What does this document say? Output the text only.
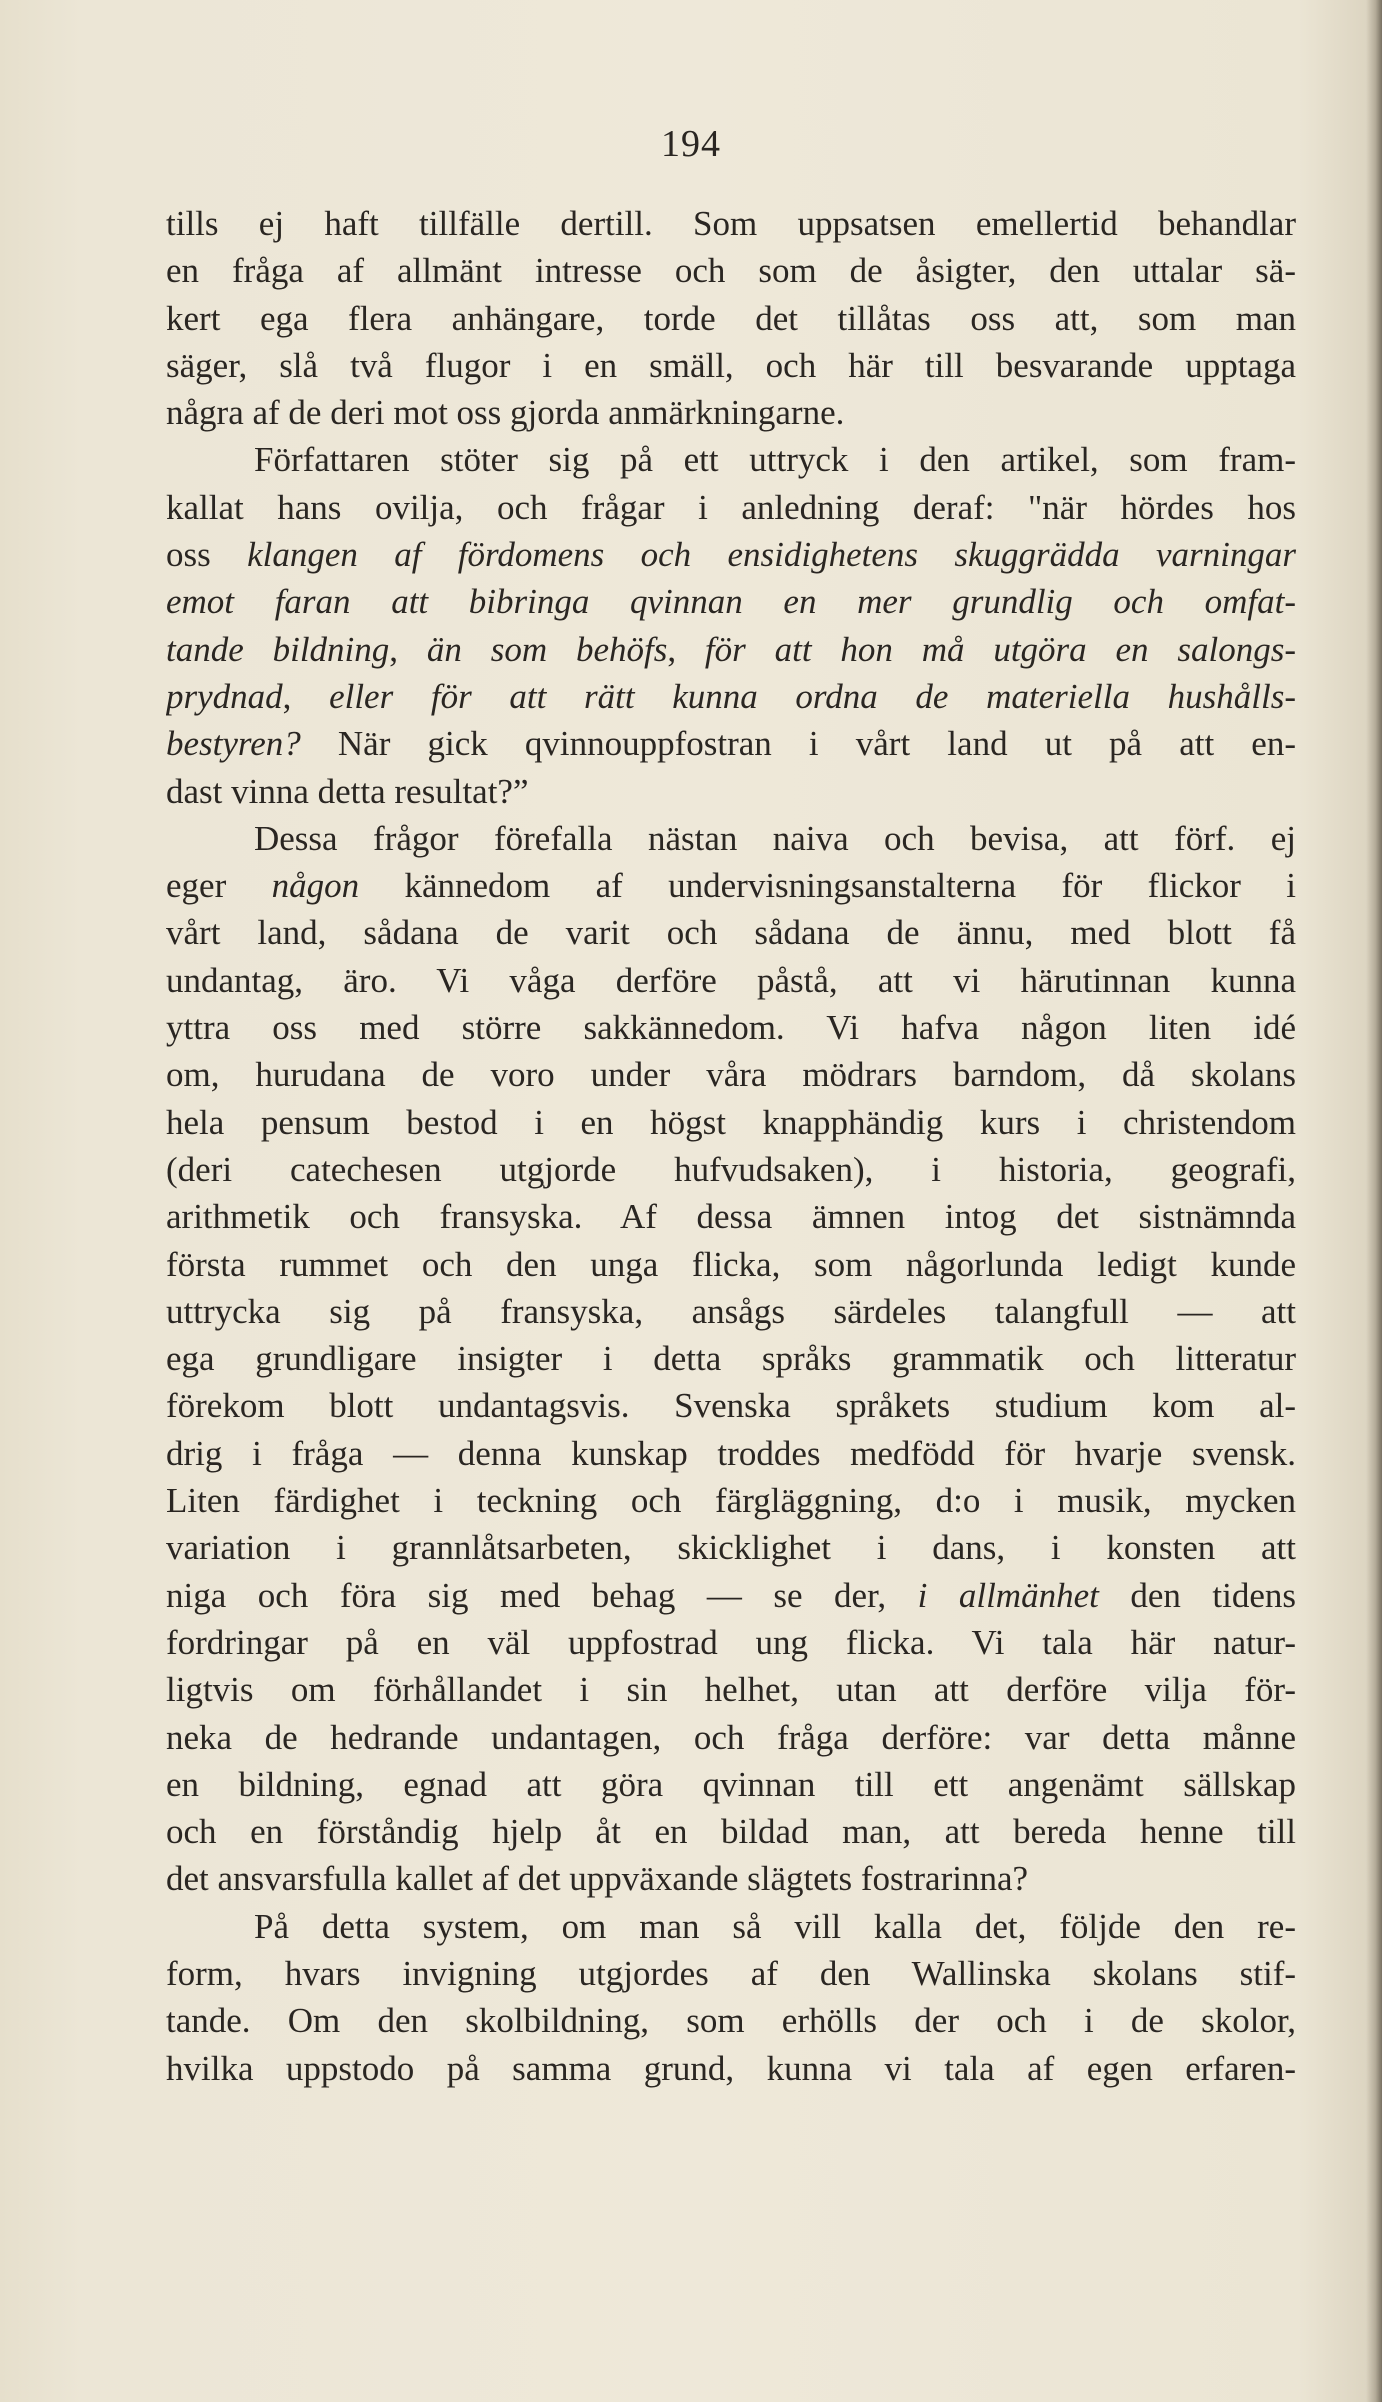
194
tills ej haft tillfälle dertill. Som uppsatsen emellertid behandlar
en fråga af allmänt intresse och som de åsigter, den uttalar sä-
kert ega flera anhängare, torde det tillåtas oss att, som man
säger, slå två flugor i en smäll, och här till besvarande upptaga
några af de deri mot oss gjorda anmärkningarne.
Författaren stöter sig på ett uttryck i den artikel, som fram-
kallat hans ovilja, och frågar i anledning deraf: "när hördes hos
oss klangen af fördomens och ensidighetens skuggrädda varningar
emot faran att bibringa qvinnan en mer grundlig och omfat-
tande bildning, än som behöfs, för att hon må utgöra en salongs-
prydnad, eller för att rätt kunna ordna de materiella hushålls-
bestyren? När gick qvinnouppfostran i vårt land ut på att en-
dast vinna detta resultat?”
Dessa frågor förefalla nästan naiva och bevisa, att förf. ej
eger någon kännedom af undervisningsanstalterna för flickor i
vårt land, sådana de varit och sådana de ännu, med blott få
undantag, äro. Vi våga derföre påstå, att vi härutinnan kunna
yttra oss med större sakkännedom. Vi hafva någon liten idé
om, hurudana de voro under våra mödrars barndom, då skolans
hela pensum bestod i en högst knapphändig kurs i christendom
(deri catechesen utgjorde hufvudsaken), i historia, geografi,
arithmetik och fransyska. Af dessa ämnen intog det sistnämnda
första rummet och den unga flicka, som någorlunda ledigt kunde
uttrycka sig på fransyska, ansågs särdeles talangfull — att
ega grundligare insigter i detta språks grammatik och litteratur
förekom blott undantagsvis. Svenska språkets studium kom al-
drig i fråga — denna kunskap troddes medfödd för hvarje svensk.
Liten färdighet i teckning och färgläggning, d:o i musik, mycken
variation i grannlåtsarbeten, skicklighet i dans, i konsten att
niga och föra sig med behag — se der, i allmänhet den tidens
fordringar på en väl uppfostrad ung flicka. Vi tala här natur-
ligtvis om förhållandet i sin helhet, utan att derföre vilja för-
neka de hedrande undantagen, och fråga derföre: var detta månne
en bildning, egnad att göra qvinnan till ett angenämt sällskap
och en förståndig hjelp åt en bildad man, att bereda henne till
det ansvarsfulla kallet af det uppväxande slägtets fostrarinna?
På detta system, om man så vill kalla det, följde den re-
form, hvars invigning utgjordes af den Wallinska skolans stif-
tande. Om den skolbildning, som erhölls der och i de skolor,
hvilka uppstodo på samma grund, kunna vi tala af egen erfaren-
